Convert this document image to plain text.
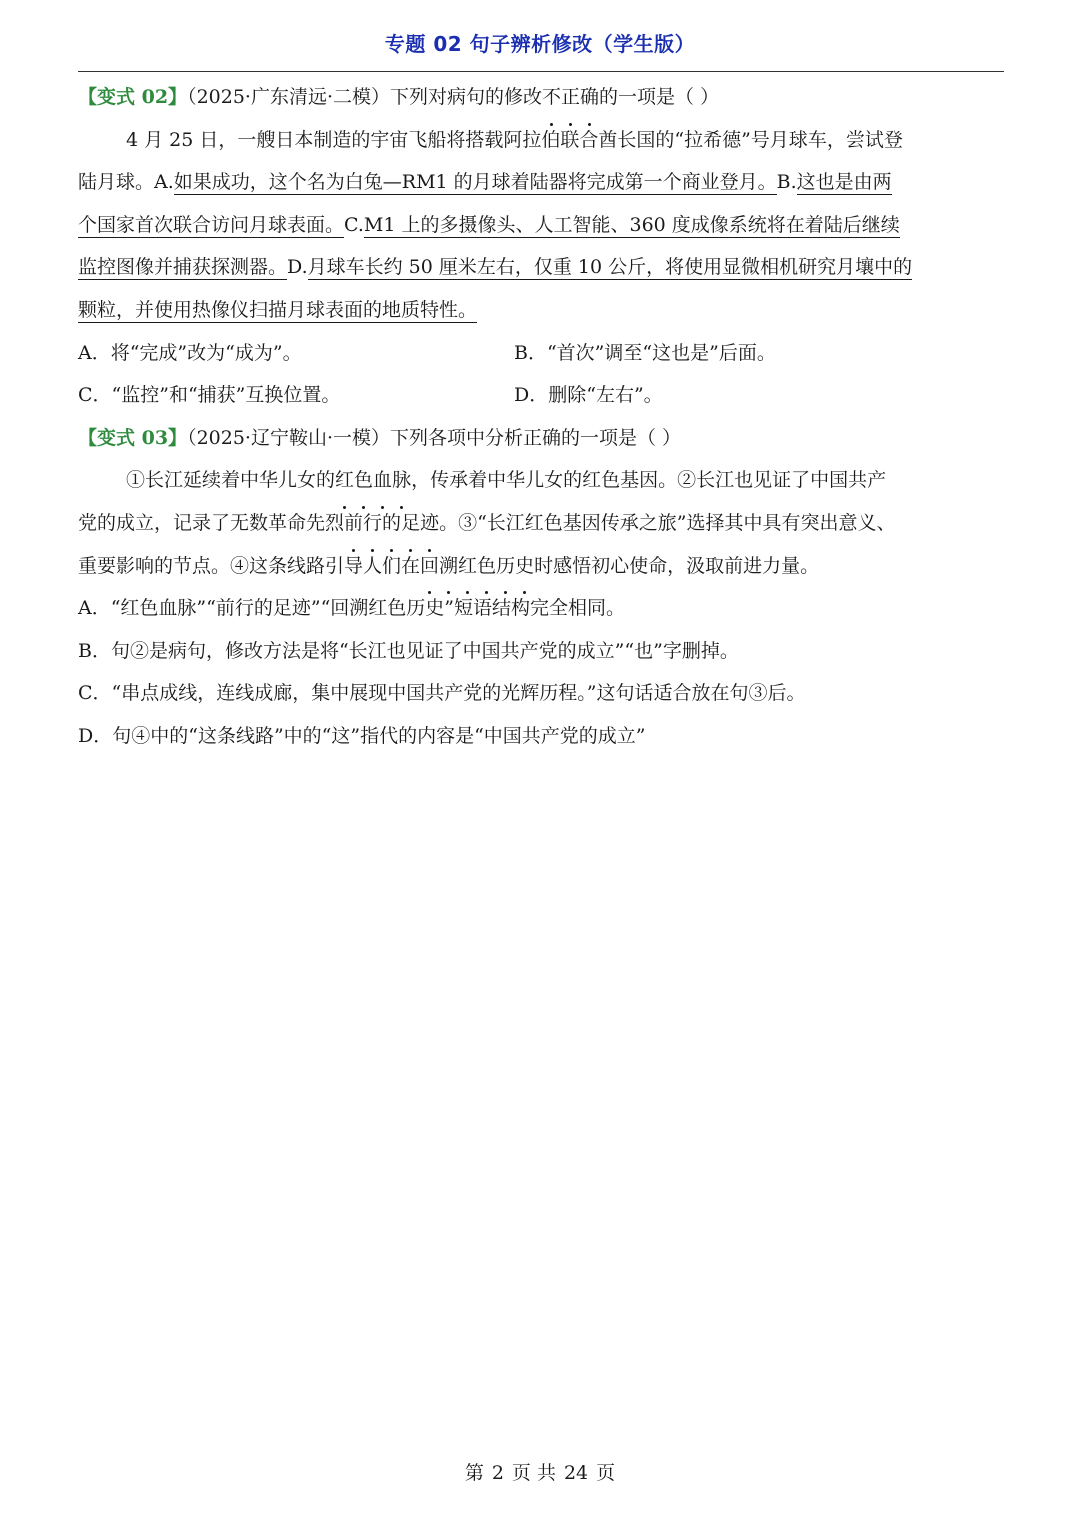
专题 02 句子辨析修改（学生版）
【变式 02】（2025·广东清远·二模）下列对病句的修改不正确的一项是（ ）
4 月 25 日，一艘日本制造的宇宙飞船将搭载阿拉伯联合酋长国的“拉希德”号月球车，尝试登
陆月球。A.如果成功，这个名为白兔—RM1 的月球着陆器将完成第一个商业登月。B.这也是由两
个国家首次联合访问月球表面。C.M1 上的多摄像头、人工智能、360 度成像系统将在着陆后继续
监控图像并捕获探测器。D.月球车长约 50 厘米左右，仅重 10 公斤，将使用显微相机研究月壤中的
颗粒，并使用热像仪扫描月球表面的地质特性。
A．将“完成”改为“成为”。	B．“首次”调至“这也是”后面。
C．“监控”和“捕获”互换位置。	D．删除“左右”。
【变式 03】（2025·辽宁鞍山·一模）下列各项中分析正确的一项是（ ）
①长江延续着中华儿女的红色血脉，传承着中华儿女的红色基因。②长江也见证了中国共产
党的成立，记录了无数革命先烈前行的足迹。③“长江红色基因传承之旅”选择其中具有突出意义、
重要影响的节点。④这条线路引导人们在回溯红色历史时感悟初心使命，汲取前进力量。
A．“红色血脉”“前行的足迹”“回溯红色历史”短语结构完全相同。
B．句②是病句，修改方法是将“长江也见证了中国共产党的成立”“也”字删掉。
C．“串点成线，连线成廊，集中展现中国共产党的光辉历程。”这句话适合放在句③后。
D．句④中的“这条线路”中的“这”指代的内容是“中国共产党的成立”
第 2 页 共 24 页
